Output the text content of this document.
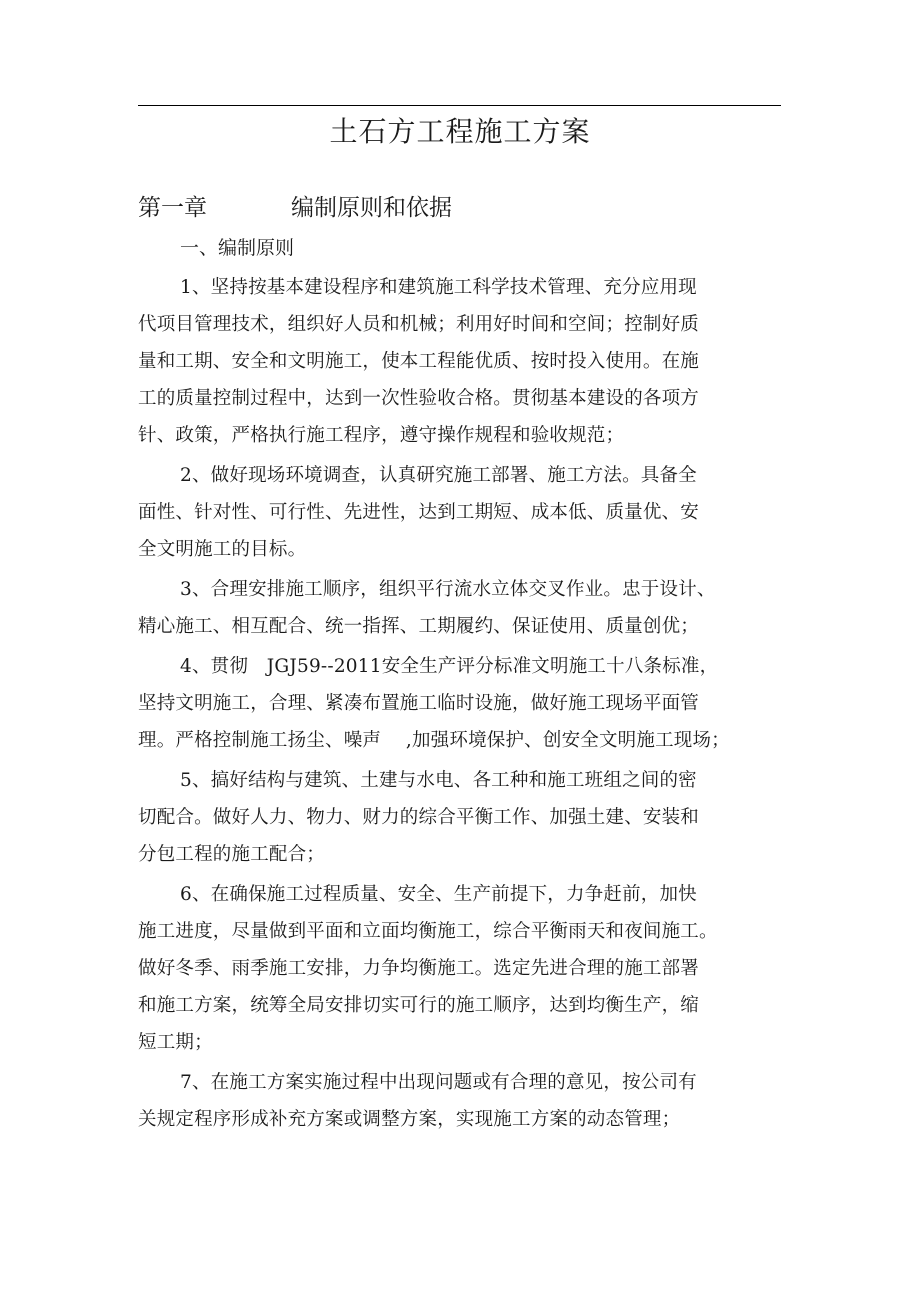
土石方工程施工方案
第一章	编制原则和依据
一、编制原则
1、坚持按基本建设程序和建筑施工科学技术管理、充分应用现
代项目管理技术，组织好人员和机械；利用好时间和空间；控制好质
量和工期、安全和文明施工，使本工程能优质、按时投入使用。在施
工的质量控制过程中，达到一次性验收合格。贯彻基本建设的各项方
针、政策，严格执行施工程序，遵守操作规程和验收规范；
2、做好现场环境调查，认真研究施工部署、施工方法。具备全
面性、针对性、可行性、先进性，达到工期短、成本低、质量优、安
全文明施工的目标。
3、合理安排施工顺序，组织平行流水立体交叉作业。忠于设计、
精心施工、相互配合、统一指挥、工期履约、保证使用、质量创优；
4、贯彻　JGJ59--2011安全生产评分标准文明施工十八条标准，
坚持文明施工，合理、紧凑布置施工临时设施，做好施工现场平面管
理。严格控制施工扬尘、噪声　 ,加强环境保护、创安全文明施工现场；
5、搞好结构与建筑、土建与水电、各工种和施工班组之间的密
切配合。做好人力、物力、财力的综合平衡工作、加强土建、安装和
分包工程的施工配合；
6、在确保施工过程质量、安全、生产前提下，力争赶前，加快
施工进度，尽量做到平面和立面均衡施工，综合平衡雨天和夜间施工。
做好冬季、雨季施工安排，力争均衡施工。选定先进合理的施工部署
和施工方案，统筹全局安排切实可行的施工顺序，达到均衡生产，缩
短工期；
7、在施工方案实施过程中出现问题或有合理的意见，按公司有
关规定程序形成补充方案或调整方案，实现施工方案的动态管理；
